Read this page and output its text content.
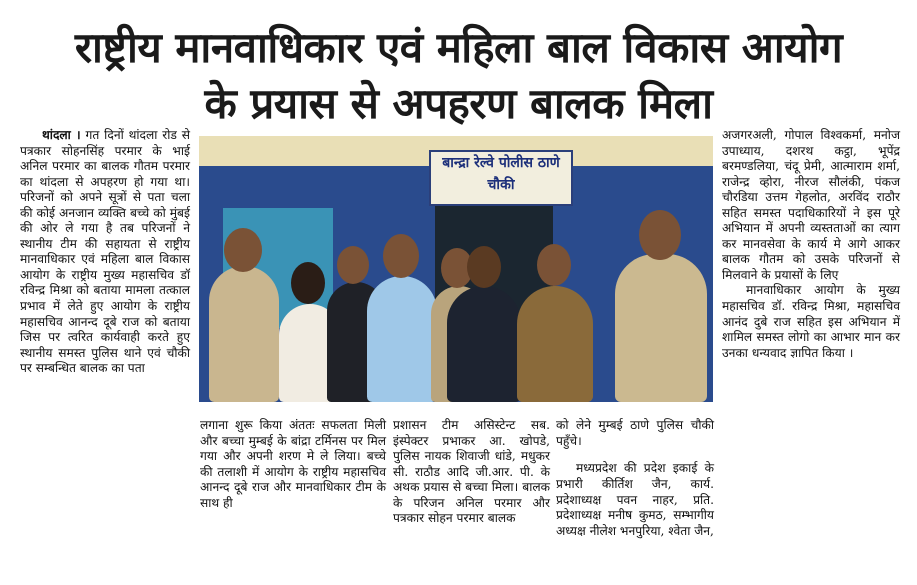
राष्ट्रीय मानवाधिकार एवं महिला बाल विकास आयोग
के प्रयास से अपहरण बालक मिला

थांदला । गत दिनों थांदला रोड से पत्रकार सोहनसिंह परमार के भाई अनिल परमार का बालक गौतम परमार का थांदला से अपहरण हो गया था। परिजनों को अपने सूत्रों से पता चला की कोई अनजान व्यक्ति बच्चे को मुंबई की ओर ले गया है तब परिजनों ने स्थानीय टीम की सहायता से राष्ट्रीय मानवाधिकार एवं महिला बाल विकास आयोग के राष्ट्रीय मुख्य महासचिव डॉ रविन्द्र मिश्रा को बताया मामला तत्काल प्रभाव में लेते हुए आयोग के राष्ट्रीय महासचिव आनन्द दूबे राज को बताया जिस पर त्वरित कार्यवाही करते हुए स्थानीय समस्त पुलिस थाने एवं चौकी पर सम्बन्धित बालक का पता

बान्द्रा रेल्वे पोलीस ठाणे
चौकी

लगाना शुरू किया अंततः सफलता मिली और बच्चा मुम्बई के बांद्रा टर्मिनस पर मिल गया और अपनी शरण मे ले लिया। बच्चे की तलाशी में आयोग के राष्ट्रीय महासचिव आनन्द दूबे राज और मानवाधिकार टीम के साथ ही

प्रशासन टीम असिस्टेन्ट सब. इंस्पेक्टर प्रभाकर आ. खोपडे, पुलिस नायक शिवाजी धांडे, मधुकर सी. राठौड आदि जी.आर. पी. के अथक प्रयास से बच्चा मिला। बालक के परिजन अनिल परमार और पत्रकार सोहन परमार बालक

को लेने मुम्बई ठाणे पुलिस चौकी पहुँचे।

मध्यप्रदेश की प्रदेश इकाई के प्रभारी कीर्तिश जैन, कार्य. प्रदेशाध्यक्ष पवन नाहर, प्रति. प्रदेशाध्यक्ष मनीष कुमठ, सम्भागीय अध्यक्ष नीलेश भनपुरिया, श्वेता जैन,

अजगरअली, गोपाल विश्वकर्मा, मनोज उपाध्याय, दशरथ कट्ठा, भूपेंद्र बरमण्डलिया, चंदू प्रेमी, आत्माराम शर्मा, राजेन्द्र व्होरा, नीरज सौलंकी, पंकज चौरडिया उत्तम गेहलोत, अरविंद राठौर सहित समस्त पदाधिकारियों ने इस पूरे अभियान में अपनी व्यस्तताओं का त्याग कर मानवसेवा के कार्य मे आगे आकर बालक गौतम को उसके परिजनों से मिलवाने के प्रयासों के लिए

मानवाधिकार आयोग के मुख्य महासचिव डॉ. रविन्द्र मिश्रा, महासचिव आनंद दुबे राज सहित इस अभियान में शामिल समस्त लोगो का आभार मान कर उनका धन्यवाद ज्ञापित किया ।
